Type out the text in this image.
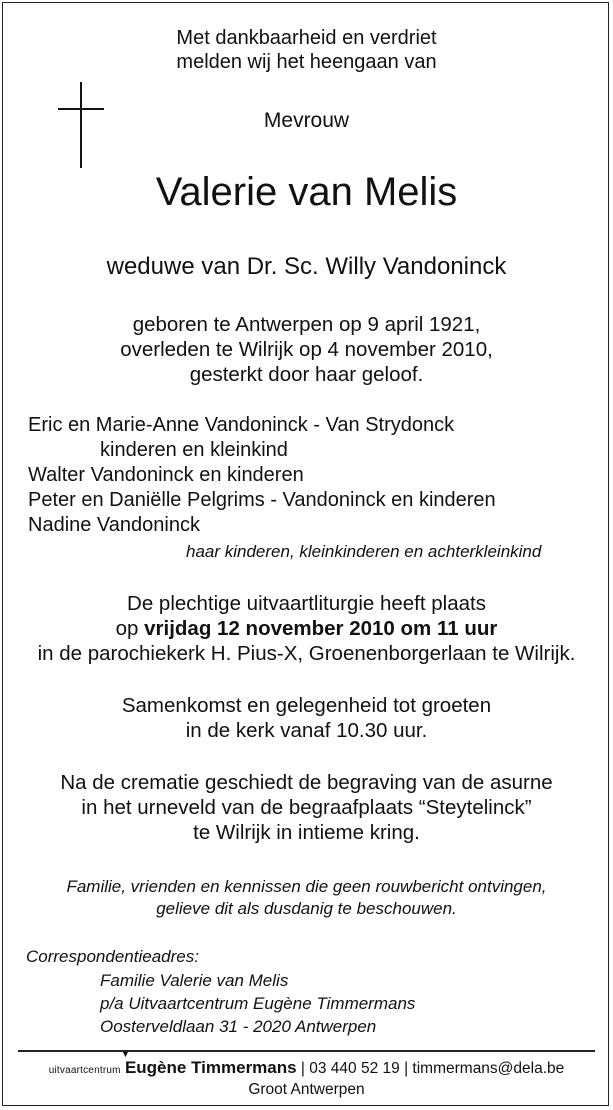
Met dankbaarheid en verdriet
melden wij het heengaan van
Mevrouw
Valerie van Melis
weduwe van Dr. Sc. Willy Vandoninck
geboren te Antwerpen op 9 april 1921,
overleden te Wilrijk op 4 november 2010,
gesterkt door haar geloof.
Eric en Marie-Anne Vandoninck - Van Strydonck
kinderen en kleinkind
Walter Vandoninck en kinderen
Peter en Daniëlle Pelgrims - Vandoninck en kinderen
Nadine Vandoninck
haar kinderen, kleinkinderen en achterkleinkind
De plechtige uitvaartliturgie heeft plaats
op vrijdag 12 november 2010 om 11 uur
in de parochiekerk H. Pius-X, Groenenborgerlaan te Wilrijk.
Samenkomst en gelegenheid tot groeten
in de kerk vanaf 10.30 uur.
Na de crematie geschiedt de begraving van de asurne
in het urneveld van de begraafplaats “Steytelinck”
te Wilrijk in intieme kring.
Familie, vrienden en kennissen die geen rouwbericht ontvingen,
gelieve dit als dusdanig te beschouwen.
Correspondentieadres:
Familie Valerie van Melis
p/a Uitvaartcentrum Eugène Timmermans
Oosterveldlaan 31 - 2020 Antwerpen
uitvaartcentrum
▼
Eugène Timmermans | 03 440 52 19 | timmermans@dela.be
Groot Antwerpen
